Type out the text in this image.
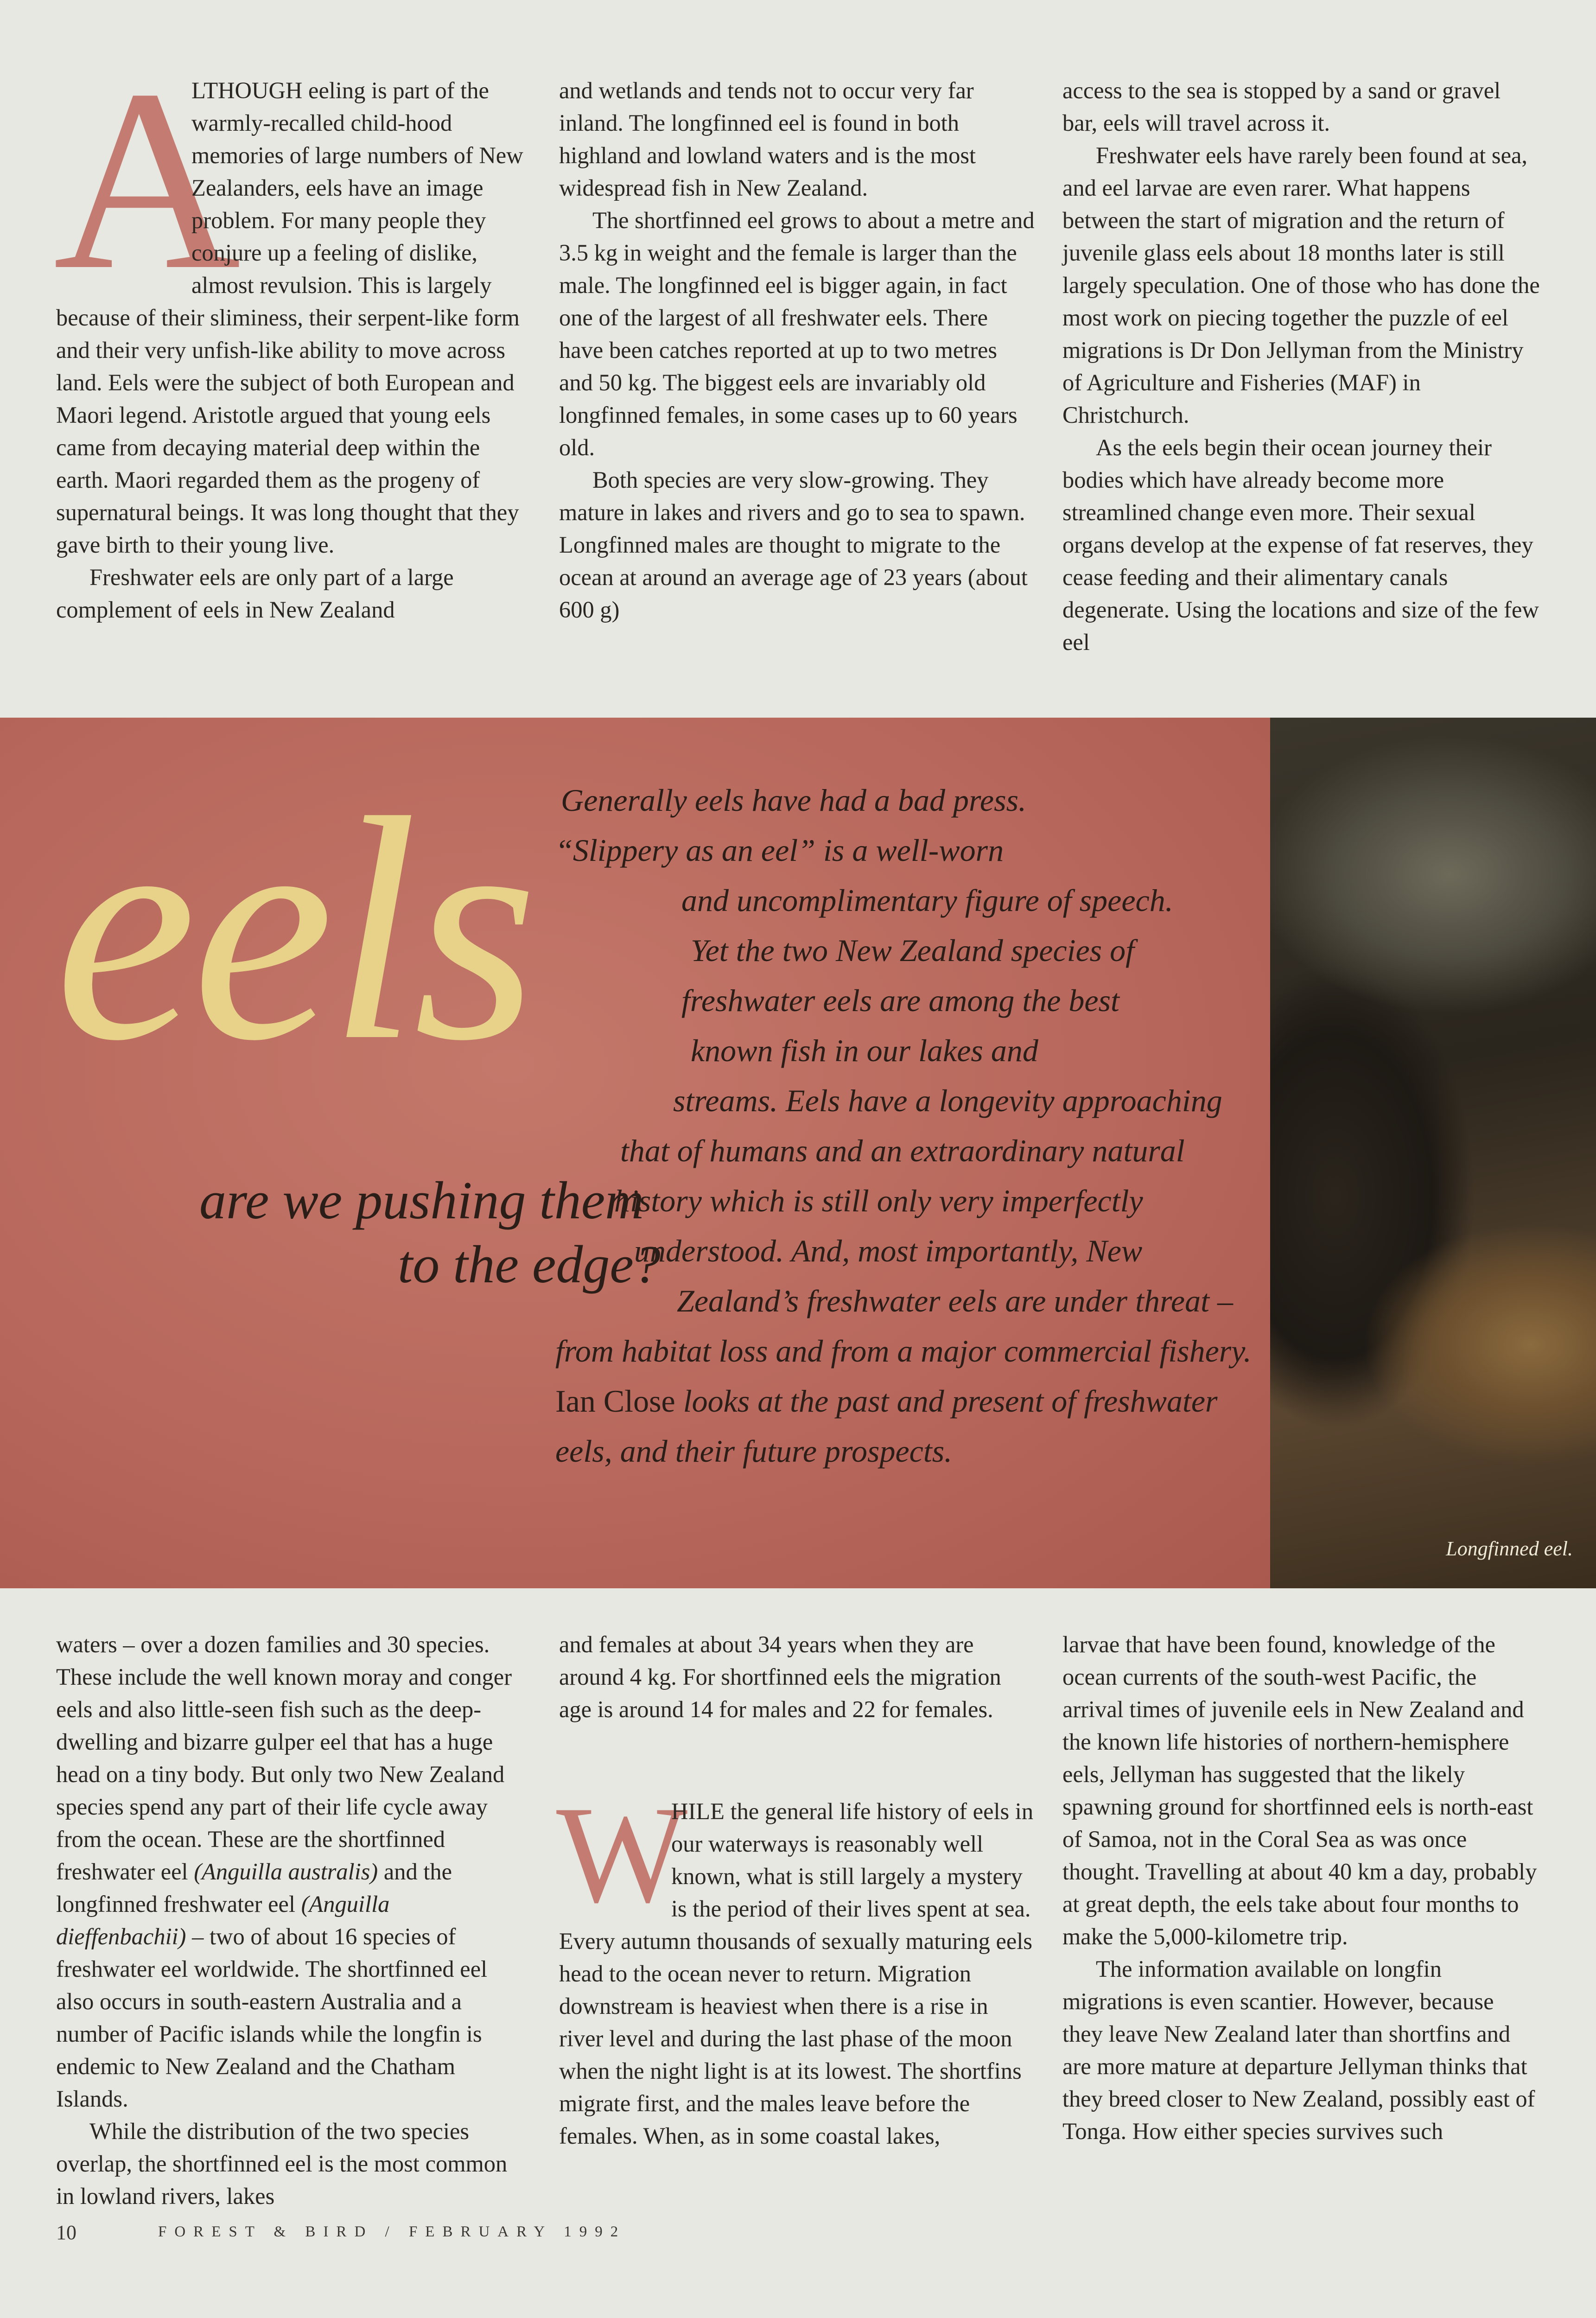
A
LTHOUGH eeling is part of the warmly-recalled child-hood memories of large numbers of New Zealanders, eels have an image problem. For many people they conjure up a feeling of dislike, almost revulsion. This is largely because of their sliminess, their serpent-like form and their very unfish-like ability to move across land. Eels were the subject of both European and Maori legend. Aristotle argued that young eels came from decaying material deep within the earth. Maori regarded them as the progeny of supernatural beings. It was long thought that they gave birth to their young live.

Freshwater eels are only part of a large complement of eels in New Zealand

and wetlands and tends not to occur very far inland. The longfinned eel is found in both highland and lowland waters and is the most widespread fish in New Zealand.

The shortfinned eel grows to about a metre and 3.5 kg in weight and the female is larger than the male. The longfinned eel is bigger again, in fact one of the largest of all freshwater eels. There have been catches reported at up to two metres and 50 kg. The biggest eels are invariably old longfinned females, in some cases up to 60 years old.

Both species are very slow-growing. They mature in lakes and rivers and go to sea to spawn. Longfinned males are thought to migrate to the ocean at around an average age of 23 years (about 600 g)

access to the sea is stopped by a sand or gravel bar, eels will travel across it.

Freshwater eels have rarely been found at sea, and eel larvae are even rarer. What happens between the start of migration and the return of juvenile glass eels about 18 months later is still largely speculation. One of those who has done the most work on piecing together the puzzle of eel migrations is Dr Don Jellyman from the Ministry of Agriculture and Fisheries (MAF) in Christchurch.

As the eels begin their ocean journey their bodies which have already become more streamlined change even more. Their sexual organs develop at the expense of fat reserves, they cease feeding and their alimentary canals degenerate. Using the locations and size of the few eel

Longfinned eel.
eels
are we pushing them
to the edge?
Generally eels have had a bad press.
“Slippery as an eel” is a well-worn
and uncomplimentary figure of speech.
Yet the two New Zealand species of
freshwater eels are among the best
known fish in our lakes and
streams. Eels have a longevity approaching
that of humans and an extraordinary natural
history which is still only very imperfectly
understood. And, most importantly, New
Zealand’s freshwater eels are under threat –
from habitat loss and from a major commercial fishery.
Ian Close looks at the past and present of freshwater
eels, and their future prospects.

waters – over a dozen families and 30 species. These include the well known moray and conger eels and also little-seen fish such as the deep-dwelling and bizarre gulper eel that has a huge head on a tiny body. But only two New Zealand species spend any part of their life cycle away from the ocean. These are the shortfinned freshwater eel (Anguilla australis) and the longfinned freshwater eel (Anguilla dieffenbachii) – two of about 16 species of freshwater eel worldwide. The shortfinned eel also occurs in south-eastern Australia and a number of Pacific islands while the longfin is endemic to New Zealand and the Chatham Islands.

While the distribution of the two species overlap, the shortfinned eel is the most common in lowland rivers, lakes

and females at about 34 years when they are around 4 kg. For shortfinned eels the migration age is around 14 for males and 22 for females.

W
HILE the general life history of eels in our waterways is reasonably well known, what is still largely a mystery is the period of their lives spent at sea. Every autumn thousands of sexually maturing eels head to the ocean never to return. Migration downstream is heaviest when there is a rise in river level and during the last phase of the moon when the night light is at its lowest. The shortfins migrate first, and the males leave before the females. When, as in some coastal lakes,

larvae that have been found, knowledge of the ocean currents of the south-west Pacific, the arrival times of juvenile eels in New Zealand and the known life histories of northern-hemisphere eels, Jellyman has suggested that the likely spawning ground for shortfinned eels is north-east of Samoa, not in the Coral Sea as was once thought. Travelling at about 40 km a day, probably at great depth, the eels take about four months to make the 5,000-kilometre trip.

The information available on longfin migrations is even scantier. However, because they leave New Zealand later than shortfins and are more mature at departure Jellyman thinks that they breed closer to New Zealand, possibly east of Tonga. How either species survives such

10	FOREST & BIRD / FEBRUARY 1992
